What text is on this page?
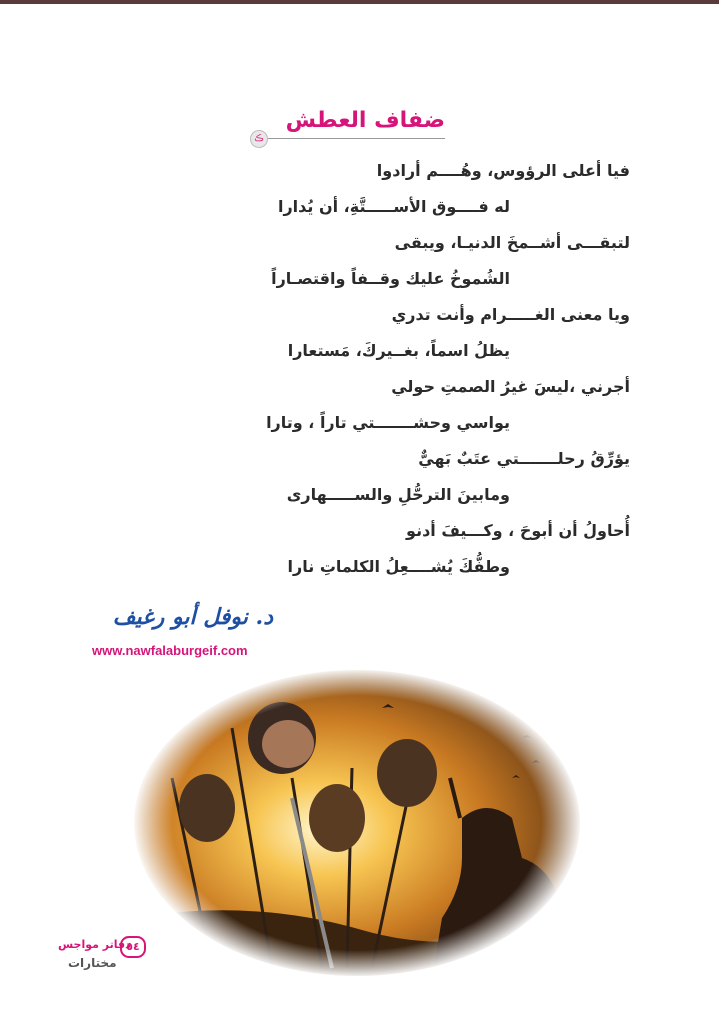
ضفاف العطش
ڪ
فيا أعلى الرؤوس، وهُــــم أرادوا
له فــــوق الأســـــتَّةِ، أن يُدارا
لتبقـــى أشــمخَ الدنيـا، ويبقى
الشُموخُ عليك وقــفاً واقتصـاراً
ويا معنى الغـــــرام وأنت تدري
يظلُ اسماً، بغــيركَ، مَستعارا
أجرني ،ليسَ غيرُ الصمتِ حولي
يواسي وحشـــــــتي تاراً ، وتارا
يؤرِّقُ رحلـــــــتي عتَبٌ بَهيٌّ
ومابينَ الترحُّلِ والســـــهارى
أُحاولُ أن أبوحَ ، وكـــيفَ أدنو
وطفُّكَ يُشــــعِلُ الكلماتِ نارا
د. نوفل أبو رغيف
www.nawfalaburgeif.com
دفاتر مواجس
٥٤
مختارات
